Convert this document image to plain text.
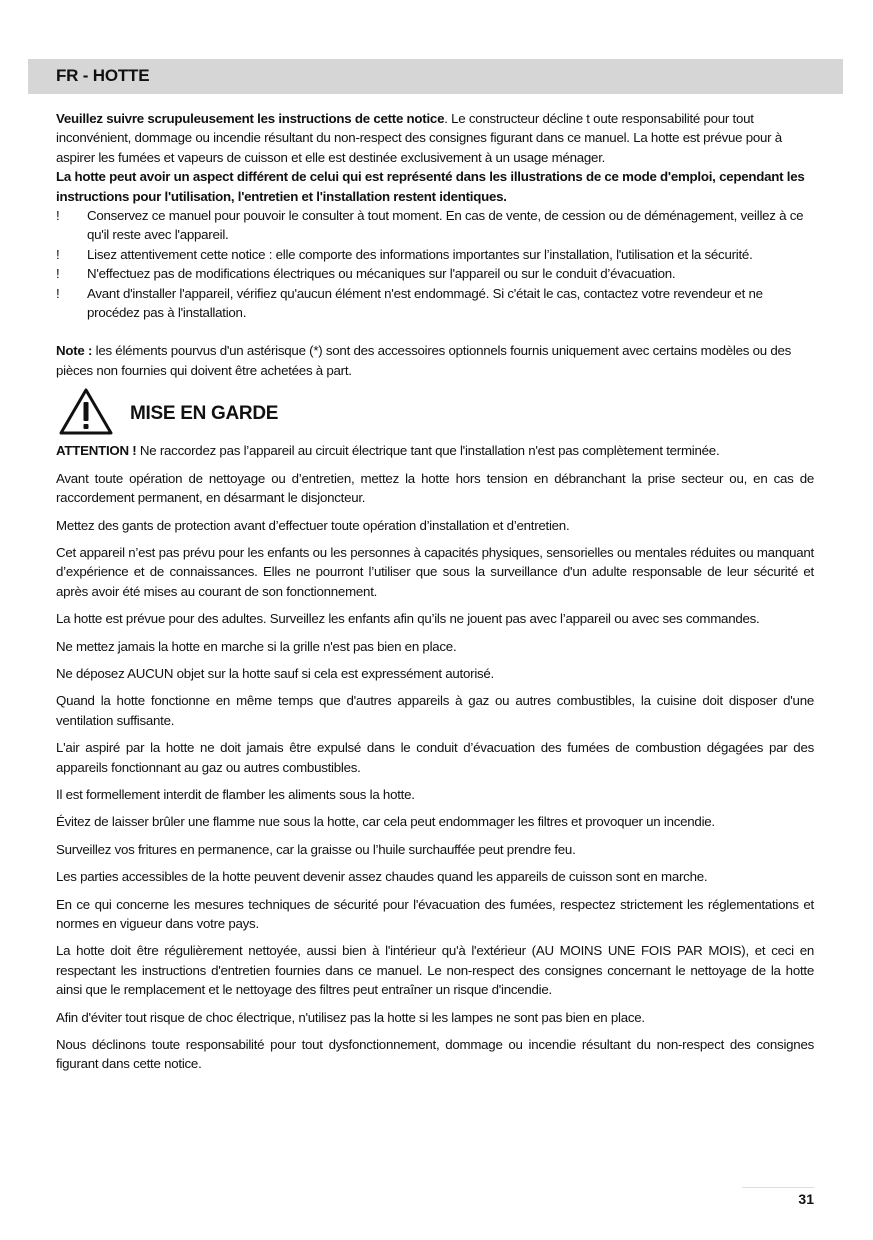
FR - HOTTE

Veuillez suivre scrupuleusement les instructions de cette notice. Le constructeur décline t oute responsabilité pour tout inconvénient, dommage ou incendie résultant du non-respect des consignes figurant dans ce manuel. La hotte est prévue pour à aspirer les fumées et vapeurs de cuisson et elle est destinée exclusivement à un usage ménager.
La hotte peut avoir un aspect différent de celui qui est représenté dans les illustrations de ce mode d'emploi, cependant les instructions pour l'utilisation, l'entretien et l'installation restent identiques.

! Conservez ce manuel pour pouvoir le consulter à tout moment. En cas de vente, de cession ou de déménagement, veillez à ce qu'il reste avec l'appareil.
! Lisez attentivement cette notice : elle comporte des informations importantes sur l’installation, l'utilisation et la sécurité.
! N'effectuez pas de modifications électriques ou mécaniques sur l'appareil ou sur le conduit d’évacuation.
! Avant d'installer l'appareil, vérifiez qu'aucun élément n'est endommagé. Si c'était le cas, contactez votre revendeur et ne procédez pas à l'installation.

Note : les éléments pourvus d'un astérisque (*) sont des accessoires optionnels fournis uniquement avec certains modèles ou des pièces non fournies qui doivent être achetées à part.

MISE EN GARDE

ATTENTION ! Ne raccordez pas l’appareil au circuit électrique tant que l'installation n'est pas complètement terminée.

Avant toute opération de nettoyage ou d’entretien, mettez la hotte hors tension en débranchant la prise secteur ou, en cas de raccordement permanent, en désarmant le disjoncteur.

Mettez des gants de protection avant d’effectuer toute opération d’installation et d’entretien.

Cet appareil n’est pas prévu pour les enfants ou les personnes à capacités physiques, sensorielles ou mentales réduites ou manquant d’expérience et de connaissances. Elles ne pourront l’utiliser que sous la surveillance d'un adulte responsable de leur sécurité et après avoir été mises au courant de son fonctionnement.

La hotte est prévue pour des adultes. Surveillez les enfants afin qu’ils ne jouent pas avec l’appareil ou avec ses commandes.

Ne mettez jamais la hotte en marche si la grille n'est pas bien en place.

Ne déposez AUCUN objet sur la hotte sauf si cela est expressément autorisé.

Quand la hotte fonctionne en même temps que d'autres appareils à gaz ou autres combustibles, la cuisine doit disposer d'une ventilation suffisante.

L'air aspiré par la hotte ne doit jamais être expulsé dans le conduit d’évacuation des fumées de combustion dégagées par des appareils fonctionnant au gaz ou autres combustibles.

Il est formellement interdit de flamber les aliments sous la hotte.

Évitez de laisser brûler une flamme nue sous la hotte, car cela peut endommager les filtres et provoquer un incendie.

Surveillez vos fritures en permanence, car la graisse ou l’huile surchauffée peut prendre feu.

Les parties accessibles de la hotte peuvent devenir assez chaudes quand les appareils de cuisson sont en marche.

En ce qui concerne les mesures techniques de sécurité pour l'évacuation des fumées, respectez strictement les réglementations et normes en vigueur dans votre pays.

La hotte doit être régulièrement nettoyée, aussi bien à l'intérieur qu'à l'extérieur (AU MOINS UNE FOIS PAR MOIS), et ceci en respectant les instructions d'entretien fournies dans ce manuel. Le non-respect des consignes concernant le nettoyage de la hotte ainsi que le remplacement et le nettoyage des filtres peut entraîner un risque d'incendie.

Afin d'éviter tout risque de choc électrique, n'utilisez pas la hotte si les lampes ne sont pas bien en place.

Nous déclinons toute responsabilité pour tout dysfonctionnement, dommage ou incendie résultant du non-respect des consignes figurant dans cette notice.

31
